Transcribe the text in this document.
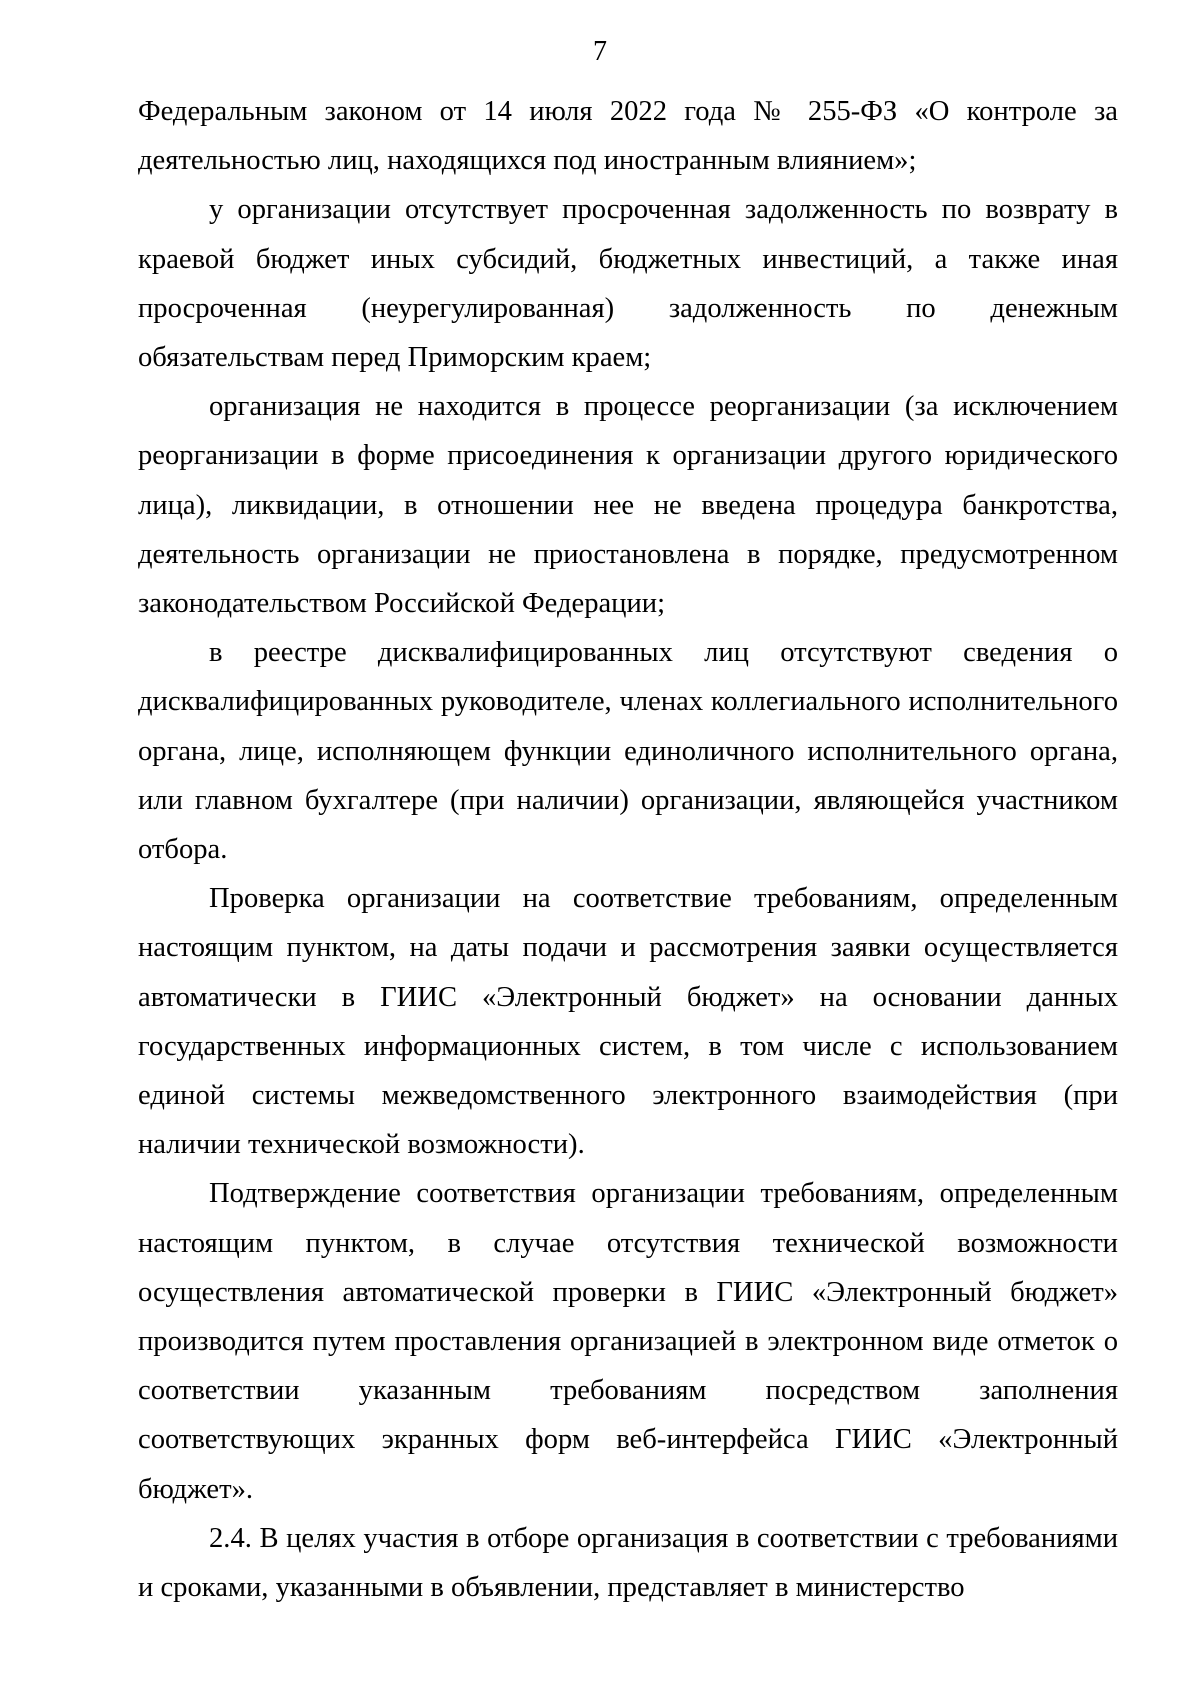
7

Федеральным законом от 14 июля 2022 года № 255-ФЗ «О контроле за деятельностью лиц, находящихся под иностранным влиянием»;

у организации отсутствует просроченная задолженность по возврату в краевой бюджет иных субсидий, бюджетных инвестиций, а также иная просроченная (неурегулированная) задолженность по денежным обязательствам перед Приморским краем;

организация не находится в процессе реорганизации (за исключением реорганизации в форме присоединения к организации другого юридического лица), ликвидации, в отношении нее не введена процедура банкротства, деятельность организации не приостановлена в порядке, предусмотренном законодательством Российской Федерации;

в реестре дисквалифицированных лиц отсутствуют сведения о дисквалифицированных руководителе, членах коллегиального исполнительного органа, лице, исполняющем функции единоличного исполнительного органа, или главном бухгалтере (при наличии) организации, являющейся участником отбора.

Проверка организации на соответствие требованиям, определенным настоящим пунктом, на даты подачи и рассмотрения заявки осуществляется автоматически в ГИИС «Электронный бюджет» на основании данных государственных информационных систем, в том числе с использованием единой системы межведомственного электронного взаимодействия (при наличии технической возможности).

Подтверждение соответствия организации требованиям, определенным настоящим пунктом, в случае отсутствия технической возможности осуществления автоматической проверки в ГИИС «Электронный бюджет» производится путем проставления организацией в электронном виде отметок о соответствии указанным требованиям посредством заполнения соответствующих экранных форм веб-интерфейса ГИИС «Электронный бюджет».

2.4. В целях участия в отборе организация в соответствии с требованиями и сроками, указанными в объявлении, представляет в министерство
